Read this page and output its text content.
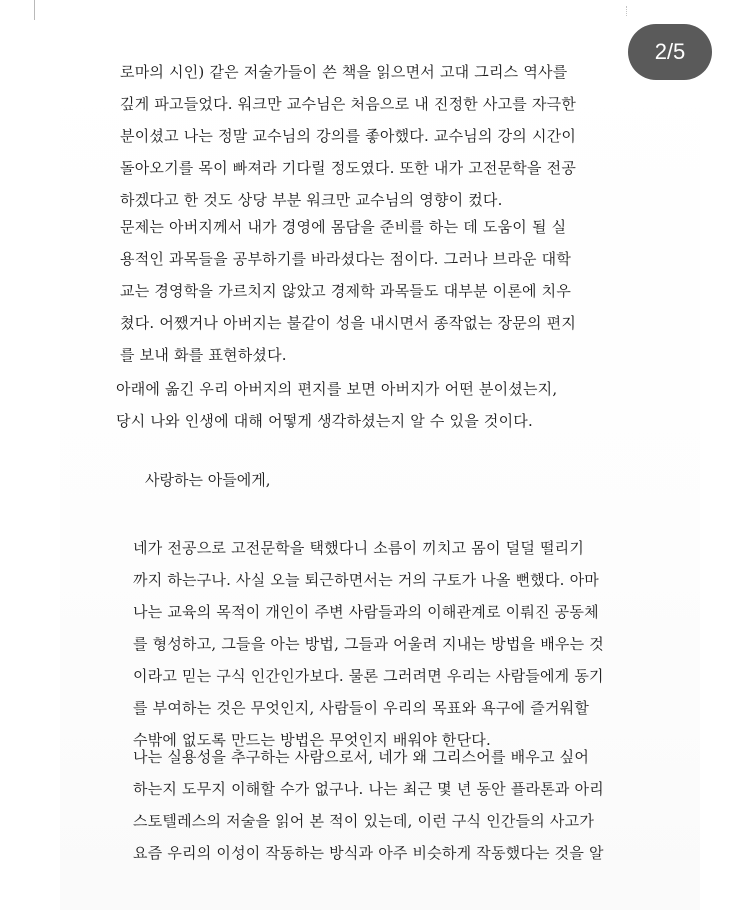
로마의 시인) 같은 저술가들이 쓴 책을 읽으면서 고대 그리스 역사를
깊게 파고들었다. 워크만 교수님은 처음으로 내 진정한 사고를 자극한
분이셨고 나는 정말 교수님의 강의를 좋아했다. 교수님의 강의 시간이
돌아오기를 목이 빠져라 기다릴 정도였다. 또한 내가 고전문학을 전공
하겠다고 한 것도 상당 부분 워크만 교수님의 영향이 컸다.
문제는 아버지께서 내가 경영에 몸담을 준비를 하는 데 도움이 될 실
용적인 과목들을 공부하기를 바라셨다는 점이다. 그러나 브라운 대학
교는 경영학을 가르치지 않았고 경제학 과목들도 대부분 이론에 치우
쳤다. 어쨌거나 아버지는 불같이 성을 내시면서 종작없는 장문의 편지
를 보내 화를 표현하셨다.
아래에 옮긴 우리 아버지의 편지를 보면 아버지가 어떤 분이셨는지,
당시 나와 인생에 대해 어떻게 생각하셨는지 알 수 있을 것이다.
사랑하는 아들에게,
네가 전공으로 고전문학을 택했다니 소름이 끼치고 몸이 덜덜 떨리기
까지 하는구나. 사실 오늘 퇴근하면서는 거의 구토가 나올 뻔했다. 아마
나는 교육의 목적이 개인이 주변 사람들과의 이해관계로 이뤄진 공동체
를 형성하고, 그들을 아는 방법, 그들과 어울려 지내는 방법을 배우는 것
이라고 믿는 구식 인간인가보다. 물론 그러려면 우리는 사람들에게 동기
를 부여하는 것은 무엇인지, 사람들이 우리의 목표와 욕구에 즐거워할
수밖에 없도록 만드는 방법은 무엇인지 배워야 한단다.
나는 실용성을 추구하는 사람으로서, 네가 왜 그리스어를 배우고 싶어
하는지 도무지 이해할 수가 없구나. 나는 최근 몇 년 동안 플라톤과 아리
스토텔레스의 저술을 읽어 본 적이 있는데, 이런 구식 인간들의 사고가
요즘 우리의 이성이 작동하는 방식과 아주 비슷하게 작동했다는 것을 알
2/5
